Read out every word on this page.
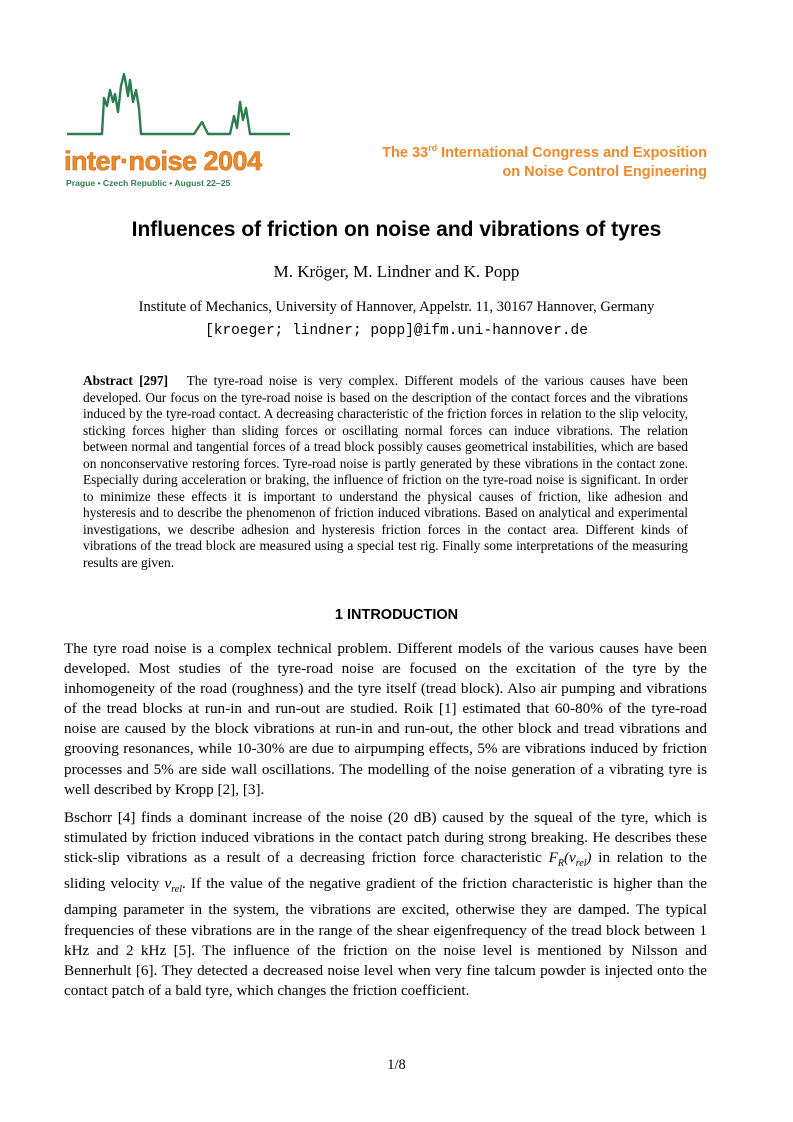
inter·noise 2004
Prague • Czech Republic • August 22–25
The 33rd International Congress and Exposition
on Noise Control Engineering
Influences of friction on noise and vibrations of tyres
M. Kröger, M. Lindner and K. Popp
Institute of Mechanics, University of Hannover, Appelstr. 11, 30167 Hannover, Germany
[kroeger; lindner; popp]@ifm.uni-hannover.de

Abstract [297] The tyre-road noise is very complex. Different models of the various causes have been developed. Our focus on the tyre-road noise is based on the description of the contact forces and the vibrations induced by the tyre-road contact. A decreasing characteristic of the friction forces in relation to the slip velocity, sticking forces higher than sliding forces or oscillating normal forces can induce vibrations. The relation between normal and tangential forces of a tread block possibly causes geometrical instabilities, which are based on nonconservative restoring forces. Tyre-road noise is partly generated by these vibrations in the contact zone. Especially during acceleration or braking, the influence of friction on the tyre-road noise is significant. In order to minimize these effects it is important to understand the physical causes of friction, like adhesion and hysteresis and to describe the phenomenon of friction induced vibrations. Based on analytical and experimental investigations, we describe adhesion and hysteresis friction forces in the contact area. Different kinds of vibrations of the tread block are measured using a special test rig. Finally some interpretations of the measuring results are given.

1 INTRODUCTION

The tyre road noise is a complex technical problem. Different models of the various causes have been developed. Most studies of the tyre-road noise are focused on the excitation of the tyre by the inhomogeneity of the road (roughness) and the tyre itself (tread block). Also air pumping and vibrations of the tread blocks at run-in and run-out are studied. Roik [1] estimated that 60-80% of the tyre-road noise are caused by the block vibrations at run-in and run-out, the other block and tread vibrations and grooving resonances, while 10-30% are due to airpumping effects, 5% are vibrations induced by friction processes and 5% are side wall oscillations. The modelling of the noise generation of a vibrating tyre is well described by Kropp [2], [3].

Bschorr [4] finds a dominant increase of the noise (20 dB) caused by the squeal of the tyre, which is stimulated by friction induced vibrations in the contact patch during strong breaking. He describes these stick-slip vibrations as a result of a decreasing friction force characteristic $F_R(v_{rel})$ in relation to the sliding velocity $v_{rel}$. If the value of the negative gradient of the friction characteristic is higher than the damping parameter in the system, the vibrations are excited, otherwise they are damped. The typical frequencies of these vibrations are in the range of the shear eigenfrequency of the tread block between 1 kHz and 2 kHz [5]. The influence of the friction on the noise level is mentioned by Nilsson and Bennerhult [6]. They detected a decreased noise level when very fine talcum powder is injected onto the contact patch of a bald tyre, which changes the friction coefficient.

1/8
